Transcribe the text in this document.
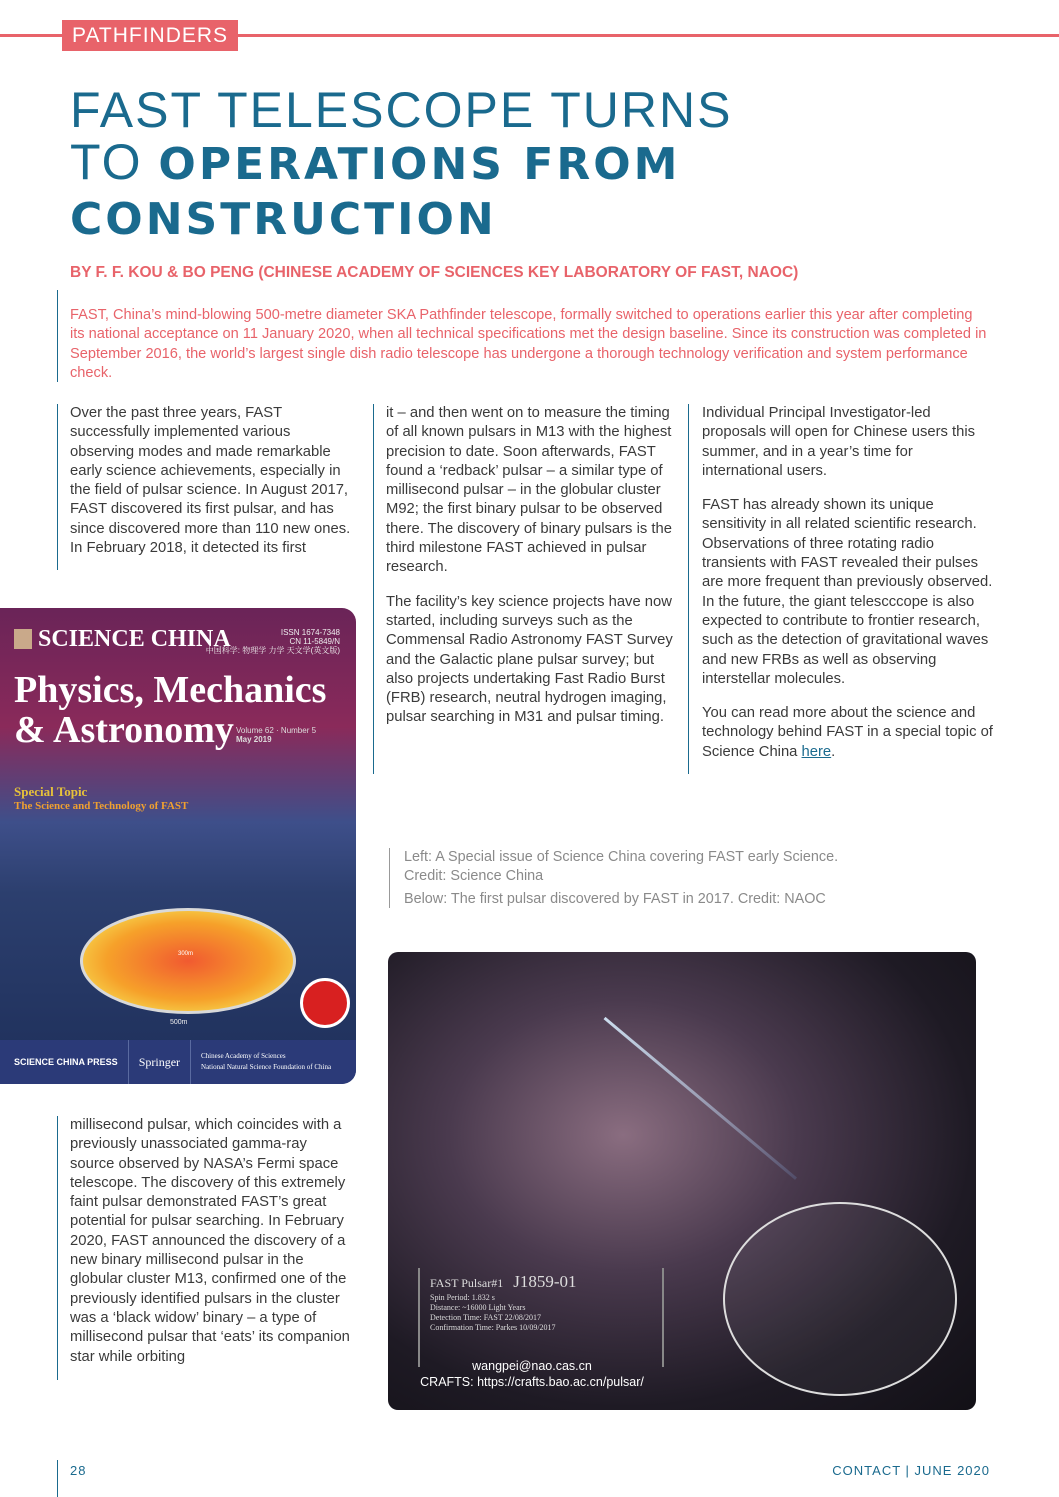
PATHFINDERS
FAST TELESCOPE TURNS
TO OPERATIONS FROM
CONSTRUCTION
BY F. F. KOU & BO PENG (CHINESE ACADEMY OF SCIENCES KEY LABORATORY OF FAST, NAOC)
FAST, China’s mind-blowing 500-metre diameter SKA Pathfinder telescope, formally switched to operations earlier this year after completing its national acceptance on 11 January 2020, when all technical specifications met the design baseline. Since its construction was completed in September 2016, the world’s largest single dish radio telescope has undergone a thorough technology verification and system performance check.

Over the past three years, FAST successfully implemented various observing modes and made remarkable early science achievements, especially in the field of pulsar science. In August 2017, FAST discovered its first pulsar, and has since discovered more than 110 new ones. In February 2018, it detected its first

it – and then went on to measure the timing of all known pulsars in M13 with the highest precision to date. Soon afterwards, FAST found a ‘redback’ pulsar – a similar type of millisecond pulsar – in the globular cluster M92; the first binary pulsar to be observed there. The discovery of binary pulsars is the third milestone FAST achieved in pulsar research.

The facility’s key science projects have now started, including surveys such as the Commensal Radio Astronomy FAST Survey and the Galactic plane pulsar survey; but also projects undertaking Fast Radio Burst (FRB) research, neutral hydrogen imaging, pulsar searching in M31 and pulsar timing.

Individual Principal Investigator-led proposals will open for Chinese users this summer, and in a year’s time for international users.

FAST has already shown its unique sensitivity in all related scientific research. Observations of three rotating radio transients with FAST revealed their pulses are more frequent than previously observed. In the future, the giant telescccope is also expected to contribute to frontier research, such as the detection of gravitational waves and new FRBs as well as observing interstellar molecules.

You can read more about the science and technology behind FAST in a special topic of Science China here.

SCIENCE CHINA	ISSN 1674-7348
CN 11-5849/N
中国科学: 物理学 力学 天文学(英文版)
Physics, Mechanics
& Astronomy Volume 62 · Number 5
May 2019
Special Topic
The Science and Technology of FAST
300m
500m
SCIENCE CHINA PRESS	Springer	Chinese Academy of Sciences
National Natural Science Foundation of China

millisecond pulsar, which coincides with a previously unassociated gamma-ray source observed by NASA’s Fermi space telescope. The discovery of this extremely faint pulsar demonstrated FAST’s great potential for pulsar searching. In February 2020, FAST announced the discovery of a new binary millisecond pulsar in the globular cluster M13, confirmed one of the previously identified pulsars in the cluster was a ‘black widow’ binary – a type of millisecond pulsar that ‘eats’ its companion star while orbiting

Left: A Special issue of Science China covering FAST early Science.
Credit: Science China
Below: The first pulsar discovered by FAST in 2017. Credit: NAOC
FAST Pulsar#1 J1859-01
Spin Period: 1.832 s
Distance: ~16000 Light Years
Detection Time: FAST 22/08/2017
Confirmation Time: Parkes 10/09/2017
wangpei@nao.cas.cn
CRAFTS: https://crafts.bao.ac.cn/pulsar/
28	CONTACT | JUNE 2020
